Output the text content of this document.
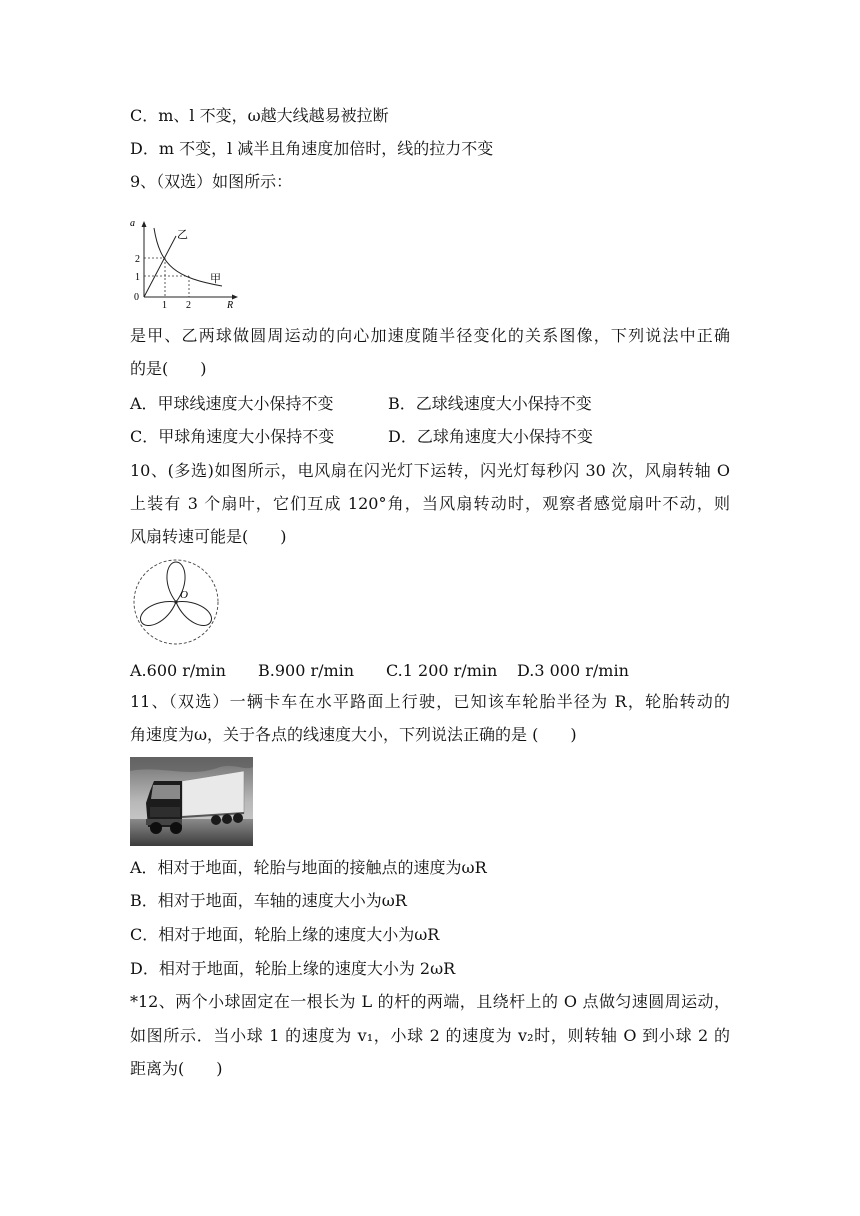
C．m、l 不变，ω越大线越易被拉断
D．m 不变，l 减半且角速度加倍时，线的拉力不变
9、（双选）如图所示：
a
R
0
2
1
1 2
乙
甲
是甲、乙两球做圆周运动的向心加速度随半径变化的关系图像，下列说法中正确
的是(　　)
A．甲球线速度大小保持不变	B．乙球线速度大小保持不变
C．甲球角速度大小保持不变	D．乙球角速度大小保持不变
10、(多选)如图所示，电风扇在闪光灯下运转，闪光灯每秒闪 30 次，风扇转轴 O
上装有 3 个扇叶，它们互成 120°角，当风扇转动时，观察者感觉扇叶不动，则
风扇转速可能是(　　)
O
A.600 r/min B.900 r/min C.1 200 r/min D.3 000 r/min
11、（双选）一辆卡车在水平路面上行驶，已知该车轮胎半径为 R，轮胎转动的
角速度为ω，关于各点的线速度大小，下列说法正确的是 (　　)
A．相对于地面，轮胎与地面的接触点的速度为ωR
B．相对于地面，车轴的速度大小为ωR
C．相对于地面，轮胎上缘的速度大小为ωR
D．相对于地面，轮胎上缘的速度大小为 2ωR
*12、两个小球固定在一根长为 L 的杆的两端，且绕杆上的 O 点做匀速圆周运动，
如图所示．当小球 1 的速度为 v₁，小球 2 的速度为 v₂时，则转轴 O 到小球 2 的
距离为(　　)
